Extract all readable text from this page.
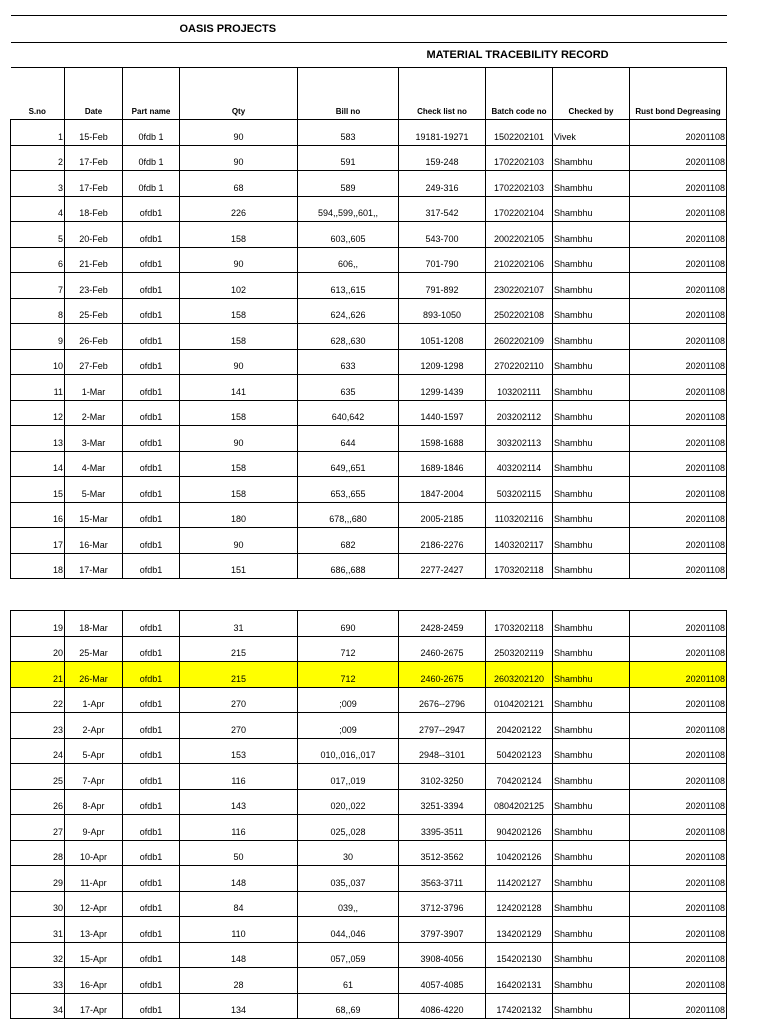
			OASIS PROJECTS					
					MATERIAL TRACEBILITY RECORD			
S.no	Date	Part name	Qty	Bill no	Check list no	Batch code no	Checked by	Rust bond Degreasing
1	15-Feb	0fdb 1	90	583	19181-19271	1502202101	Vivek	20201108
2	17-Feb	0fdb 1	90	591	159-248	1702202103	Shambhu	20201108
3	17-Feb	0fdb 1	68	589	249-316	1702202103	Shambhu	20201108
4	18-Feb	ofdb1	226	594,,599,,601,,	317-542	1702202104	Shambhu	20201108
5	20-Feb	ofdb1	158	603,,605	543-700	2002202105	Shambhu	20201108
6	21-Feb	ofdb1	90	606,,	701-790	2102202106	Shambhu	20201108
7	23-Feb	ofdb1	102	613,,615	791-892	2302202107	Shambhu	20201108
8	25-Feb	ofdb1	158	624,,626	893-1050	2502202108	Shambhu	20201108
9	26-Feb	ofdb1	158	628,,630	1051-1208	2602202109	Shambhu	20201108
10	27-Feb	ofdb1	90	633	1209-1298	2702202110	Shambhu	20201108
11	1-Mar	ofdb1	141	635	1299-1439	103202111	Shambhu	20201108
12	2-Mar	ofdb1	158	640,642	1440-1597	203202112	Shambhu	20201108
13	3-Mar	ofdb1	90	644	1598-1688	303202113	Shambhu	20201108
14	4-Mar	ofdb1	158	649,,651	1689-1846	403202114	Shambhu	20201108
15	5-Mar	ofdb1	158	653,,655	1847-2004	503202115	Shambhu	20201108
16	15-Mar	ofdb1	180	678,,,680	2005-2185	1103202116	Shambhu	20201108
17	16-Mar	ofdb1	90	682	2186-2276	1403202117	Shambhu	20201108
18	17-Mar	ofdb1	151	686,,688	2277-2427	1703202118	Shambhu	20201108
19	18-Mar	ofdb1	31	690	2428-2459	1703202118	Shambhu	20201108
20	25-Mar	ofdb1	215	712	2460-2675	2503202119	Shambhu	20201108
21	26-Mar	ofdb1	215	712	2460-2675	2603202120	Shambhu	20201108
22	1-Apr	ofdb1	270	;009	2676--2796	0104202121	Shambhu	20201108
23	2-Apr	ofdb1	270	;009	2797--2947	204202122	Shambhu	20201108
24	5-Apr	ofdb1	153	010,,016,,017	2948--3101	504202123	Shambhu	20201108
25	7-Apr	ofdb1	116	017,,019	3102-3250	704202124	Shambhu	20201108
26	8-Apr	ofdb1	143	020,,022	3251-3394	0804202125	Shambhu	20201108
27	9-Apr	ofdb1	116	025,,028	3395-3511	904202126	Shambhu	20201108
28	10-Apr	ofdb1	50	30	3512-3562	104202126	Shambhu	20201108
29	11-Apr	ofdb1	148	035,,037	3563-3711	114202127	Shambhu	20201108
30	12-Apr	ofdb1	84	039,,	3712-3796	124202128	Shambhu	20201108
31	13-Apr	ofdb1	110	044,,046	3797-3907	134202129	Shambhu	20201108
32	15-Apr	ofdb1	148	057,,059	3908-4056	154202130	Shambhu	20201108
33	16-Apr	ofdb1	28	61	4057-4085	164202131	Shambhu	20201108
34	17-Apr	ofdb1	134	68,,69	4086-4220	174202132	Shambhu	20201108
